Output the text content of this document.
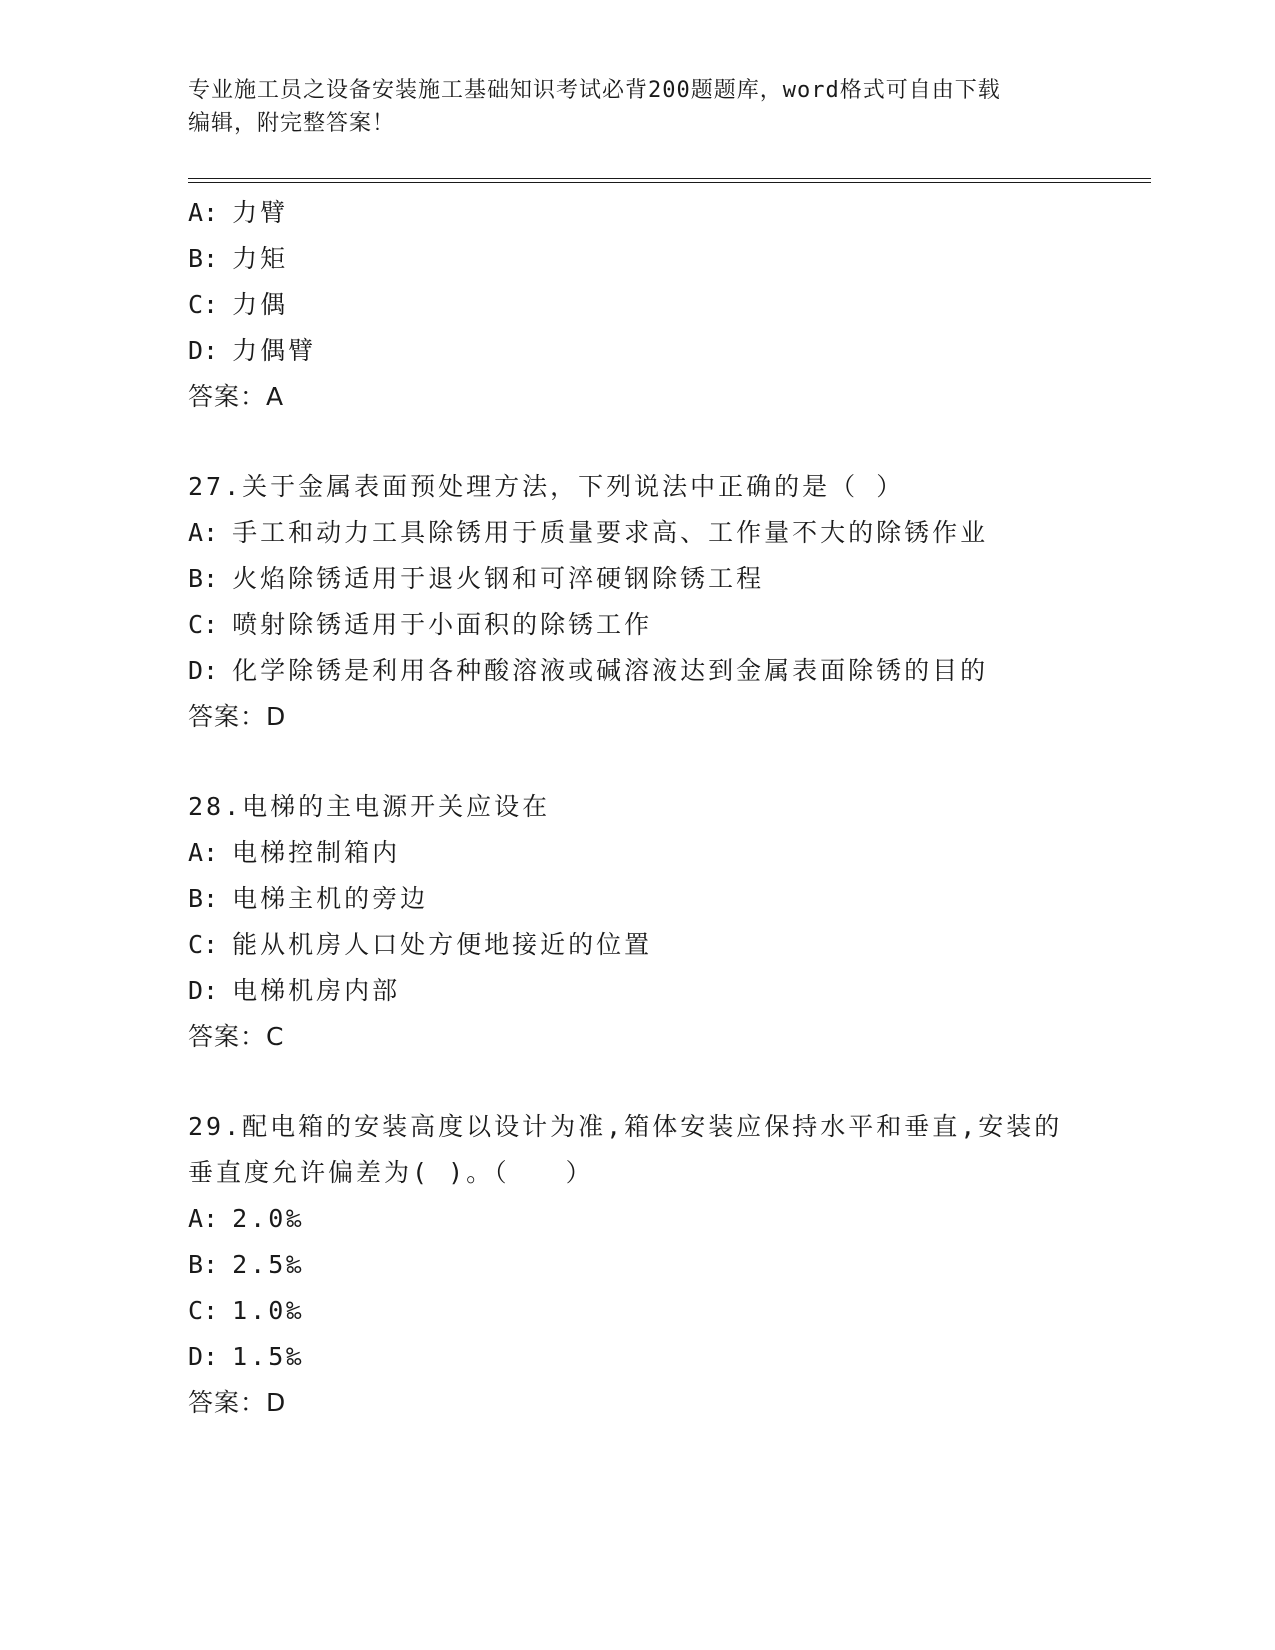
专业施工员之设备安装施工基础知识考试必背200题题库，word格式可自由下载
编辑，附完整答案！
A: 力臂
B: 力矩
C: 力偶
D: 力偶臂
答案：A
27.关于金属表面预处理方法，下列说法中正确的是（ ）
A: 手工和动力工具除锈用于质量要求高、工作量不大的除锈作业
B: 火焰除锈适用于退火钢和可淬硬钢除锈工程
C: 喷射除锈适用于小面积的除锈工作
D: 化学除锈是利用各种酸溶液或碱溶液达到金属表面除锈的目的
答案：D
28.电梯的主电源开关应设在
A: 电梯控制箱内
B: 电梯主机的旁边
C: 能从机房人口处方便地接近的位置
D: 电梯机房内部
答案：C
29.配电箱的安装高度以设计为准,箱体安装应保持水平和垂直,安装的
垂直度允许偏差为( )。（　　）
A: 2.0‰
B: 2.5‰
C: 1.0‰
D: 1.5‰
答案：D
